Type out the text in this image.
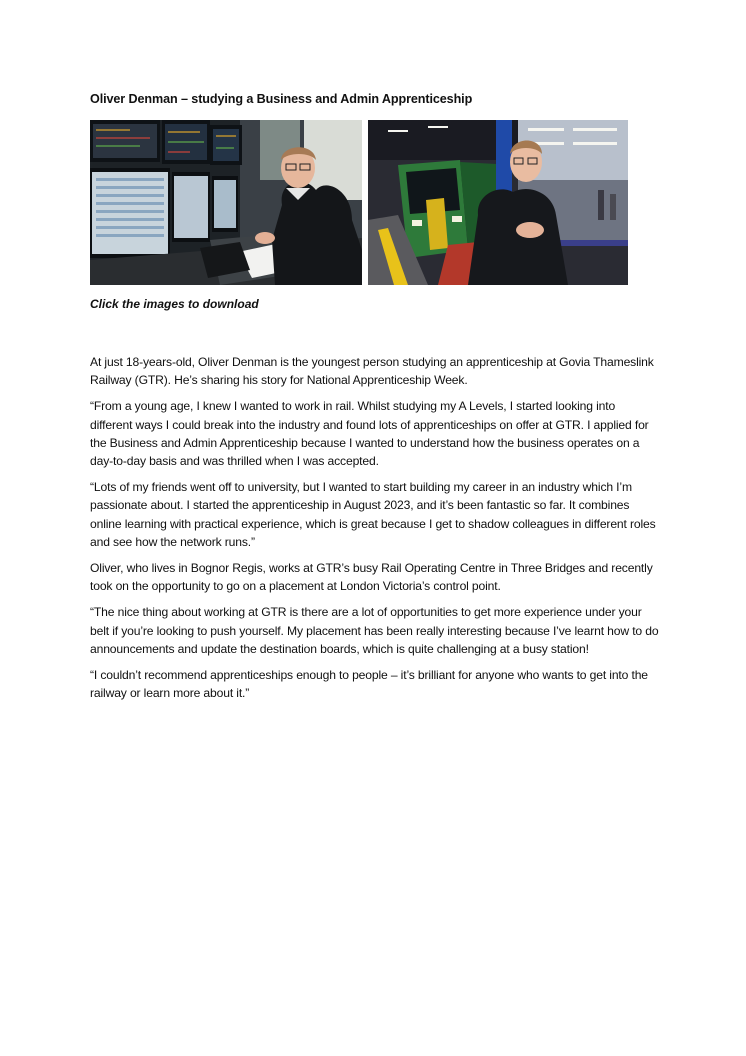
Oliver Denman – studying a Business and Admin Apprenticeship
Click the images to download

At just 18-years-old, Oliver Denman is the youngest person studying an apprenticeship at Govia Thameslink Railway (GTR). He’s sharing his story for National Apprenticeship Week.

“From a young age, I knew I wanted to work in rail. Whilst studying my A Levels, I started looking into different ways I could break into the industry and found lots of apprenticeships on offer at GTR. I applied for the Business and Admin Apprenticeship because I wanted to understand how the business operates on a day-to-day basis and was thrilled when I was accepted.

“Lots of my friends went off to university, but I wanted to start building my career in an industry which I’m passionate about. I started the apprenticeship in August 2023, and it’s been fantastic so far. It combines online learning with practical experience, which is great because I get to shadow colleagues in different roles and see how the network runs.”

Oliver, who lives in Bognor Regis, works at GTR’s busy Rail Operating Centre in Three Bridges and recently took on the opportunity to go on a placement at London Victoria’s control point.

“The nice thing about working at GTR is there are a lot of opportunities to get more experience under your belt if you’re looking to push yourself. My placement has been really interesting because I’ve learnt how to do announcements and update the destination boards, which is quite challenging at a busy station!

“I couldn’t recommend apprenticeships enough to people – it’s brilliant for anyone who wants to get into the railway or learn more about it.”
